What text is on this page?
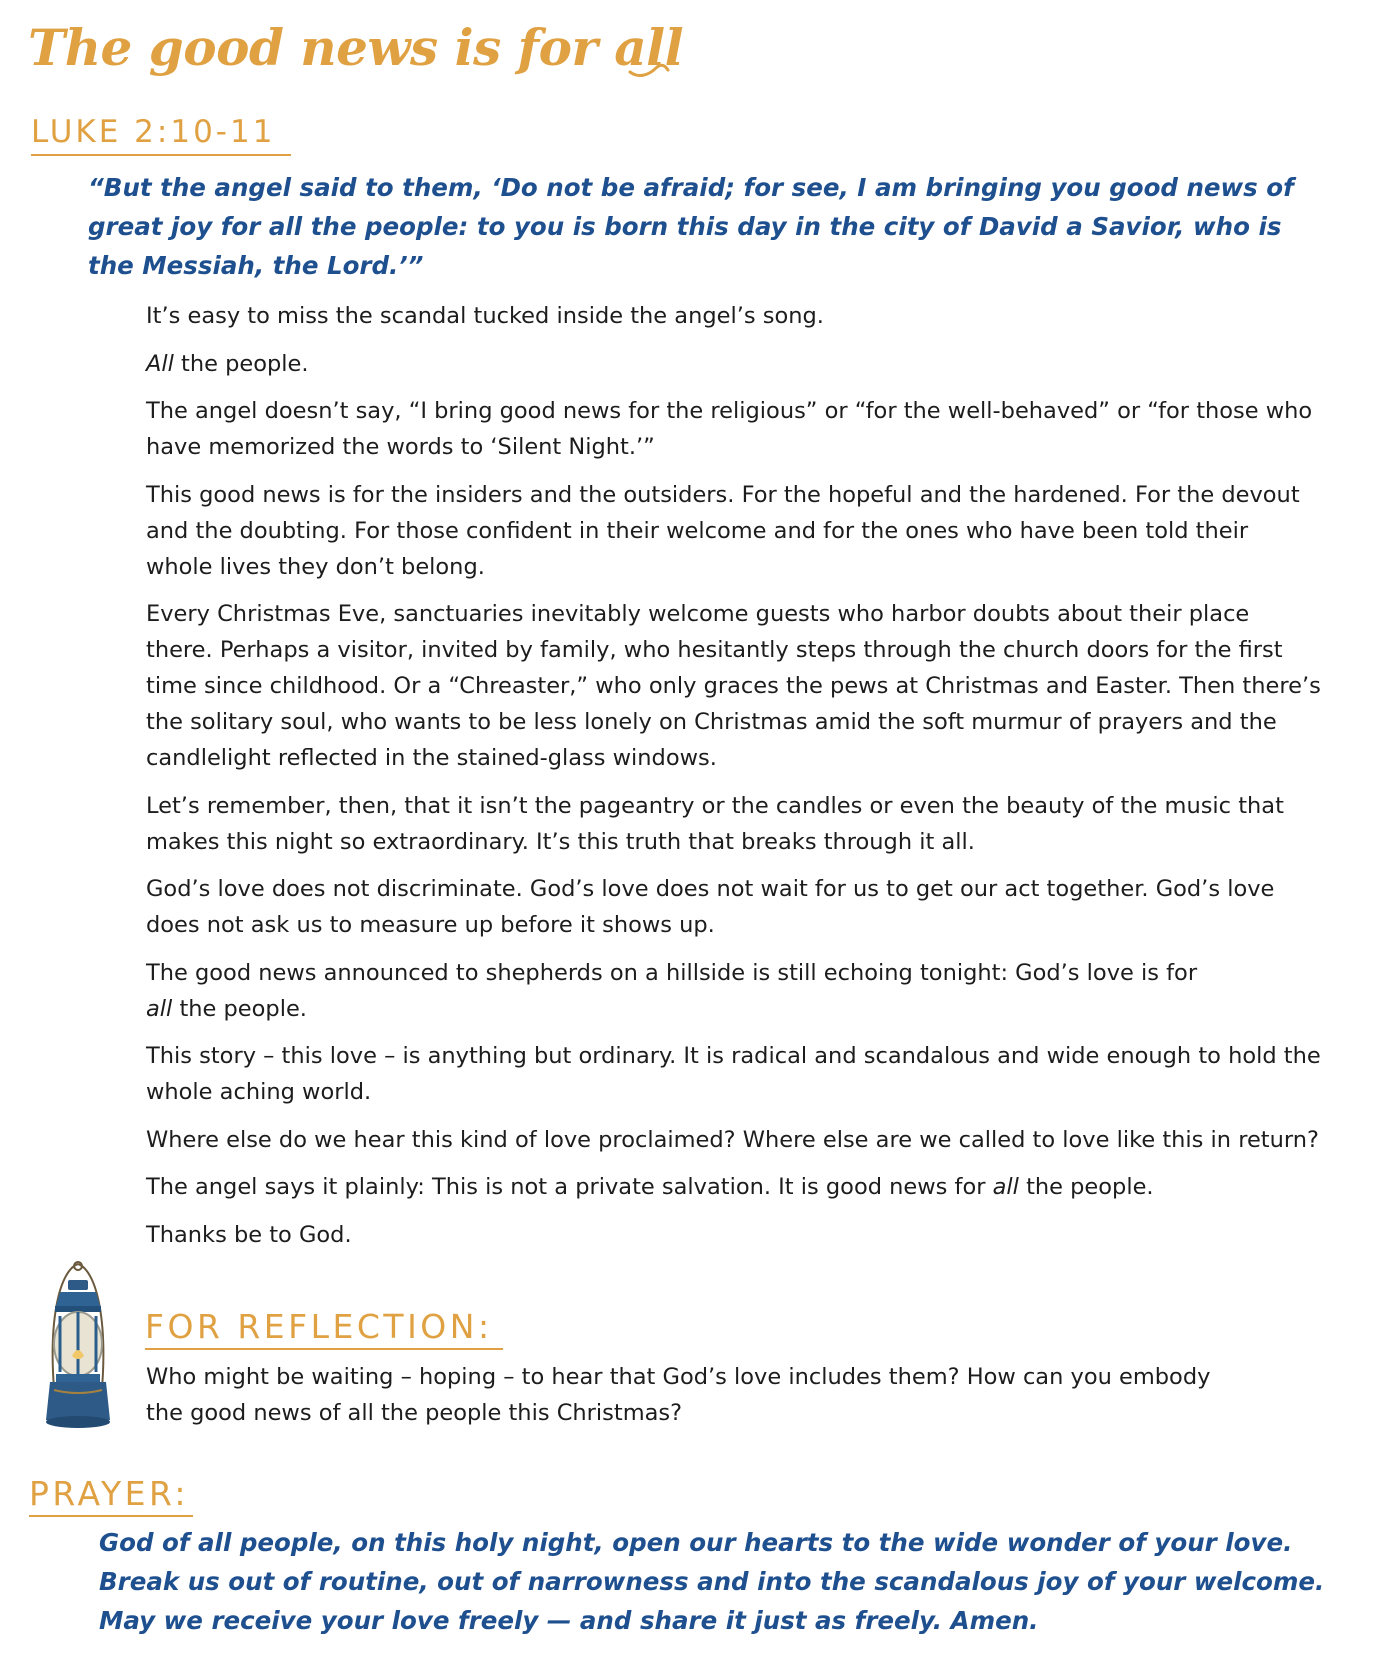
The good news is for all
LUKE 2:10-11

“But the angel said to them, ‘Do not be afraid; for see, I am bringing you good news of great joy for all the people: to you is born this day in the city of David a Savior, who is the Messiah, the Lord.’”

It’s easy to miss the scandal tucked inside the angel’s song.

All the people.

The angel doesn’t say, “I bring good news for the religious” or “for the well-behaved” or “for those who have memorized the words to ‘Silent Night.’”

This good news is for the insiders and the outsiders. For the hopeful and the hardened. For the devout and the doubting. For those confident in their welcome and for the ones who have been told their whole lives they don’t belong.

Every Christmas Eve, sanctuaries inevitably welcome guests who harbor doubts about their place there. Perhaps a visitor, invited by family, who hesitantly steps through the church doors for the first time since childhood. Or a “Chreaster,” who only graces the pews at Christmas and Easter. Then there’s the solitary soul, who wants to be less lonely on Christmas amid the soft murmur of prayers and the candlelight reflected in the stained-glass windows.

Let’s remember, then, that it isn’t the pageantry or the candles or even the beauty of the music that makes this night so extraordinary. It’s this truth that breaks through it all.

God’s love does not discriminate. God’s love does not wait for us to get our act together. God’s love does not ask us to measure up before it shows up.

The good news announced to shepherds on a hillside is still echoing tonight: God’s love is for
all the people.

This story – this love – is anything but ordinary. It is radical and scandalous and wide enough to hold the whole aching world.

Where else do we hear this kind of love proclaimed? Where else are we called to love like this in return?

The angel says it plainly: This is not a private salvation. It is good news for all the people.

Thanks be to God.

FOR REFLECTION:

Who might be waiting – hoping – to hear that God’s love includes them? How can you embody the good news of all the people this Christmas?

PRAYER:

God of all people, on this holy night, open our hearts to the wide wonder of your love. Break us out of routine, out of narrowness and into the scandalous joy of your welcome. May we receive your love freely — and share it just as freely. Amen.
